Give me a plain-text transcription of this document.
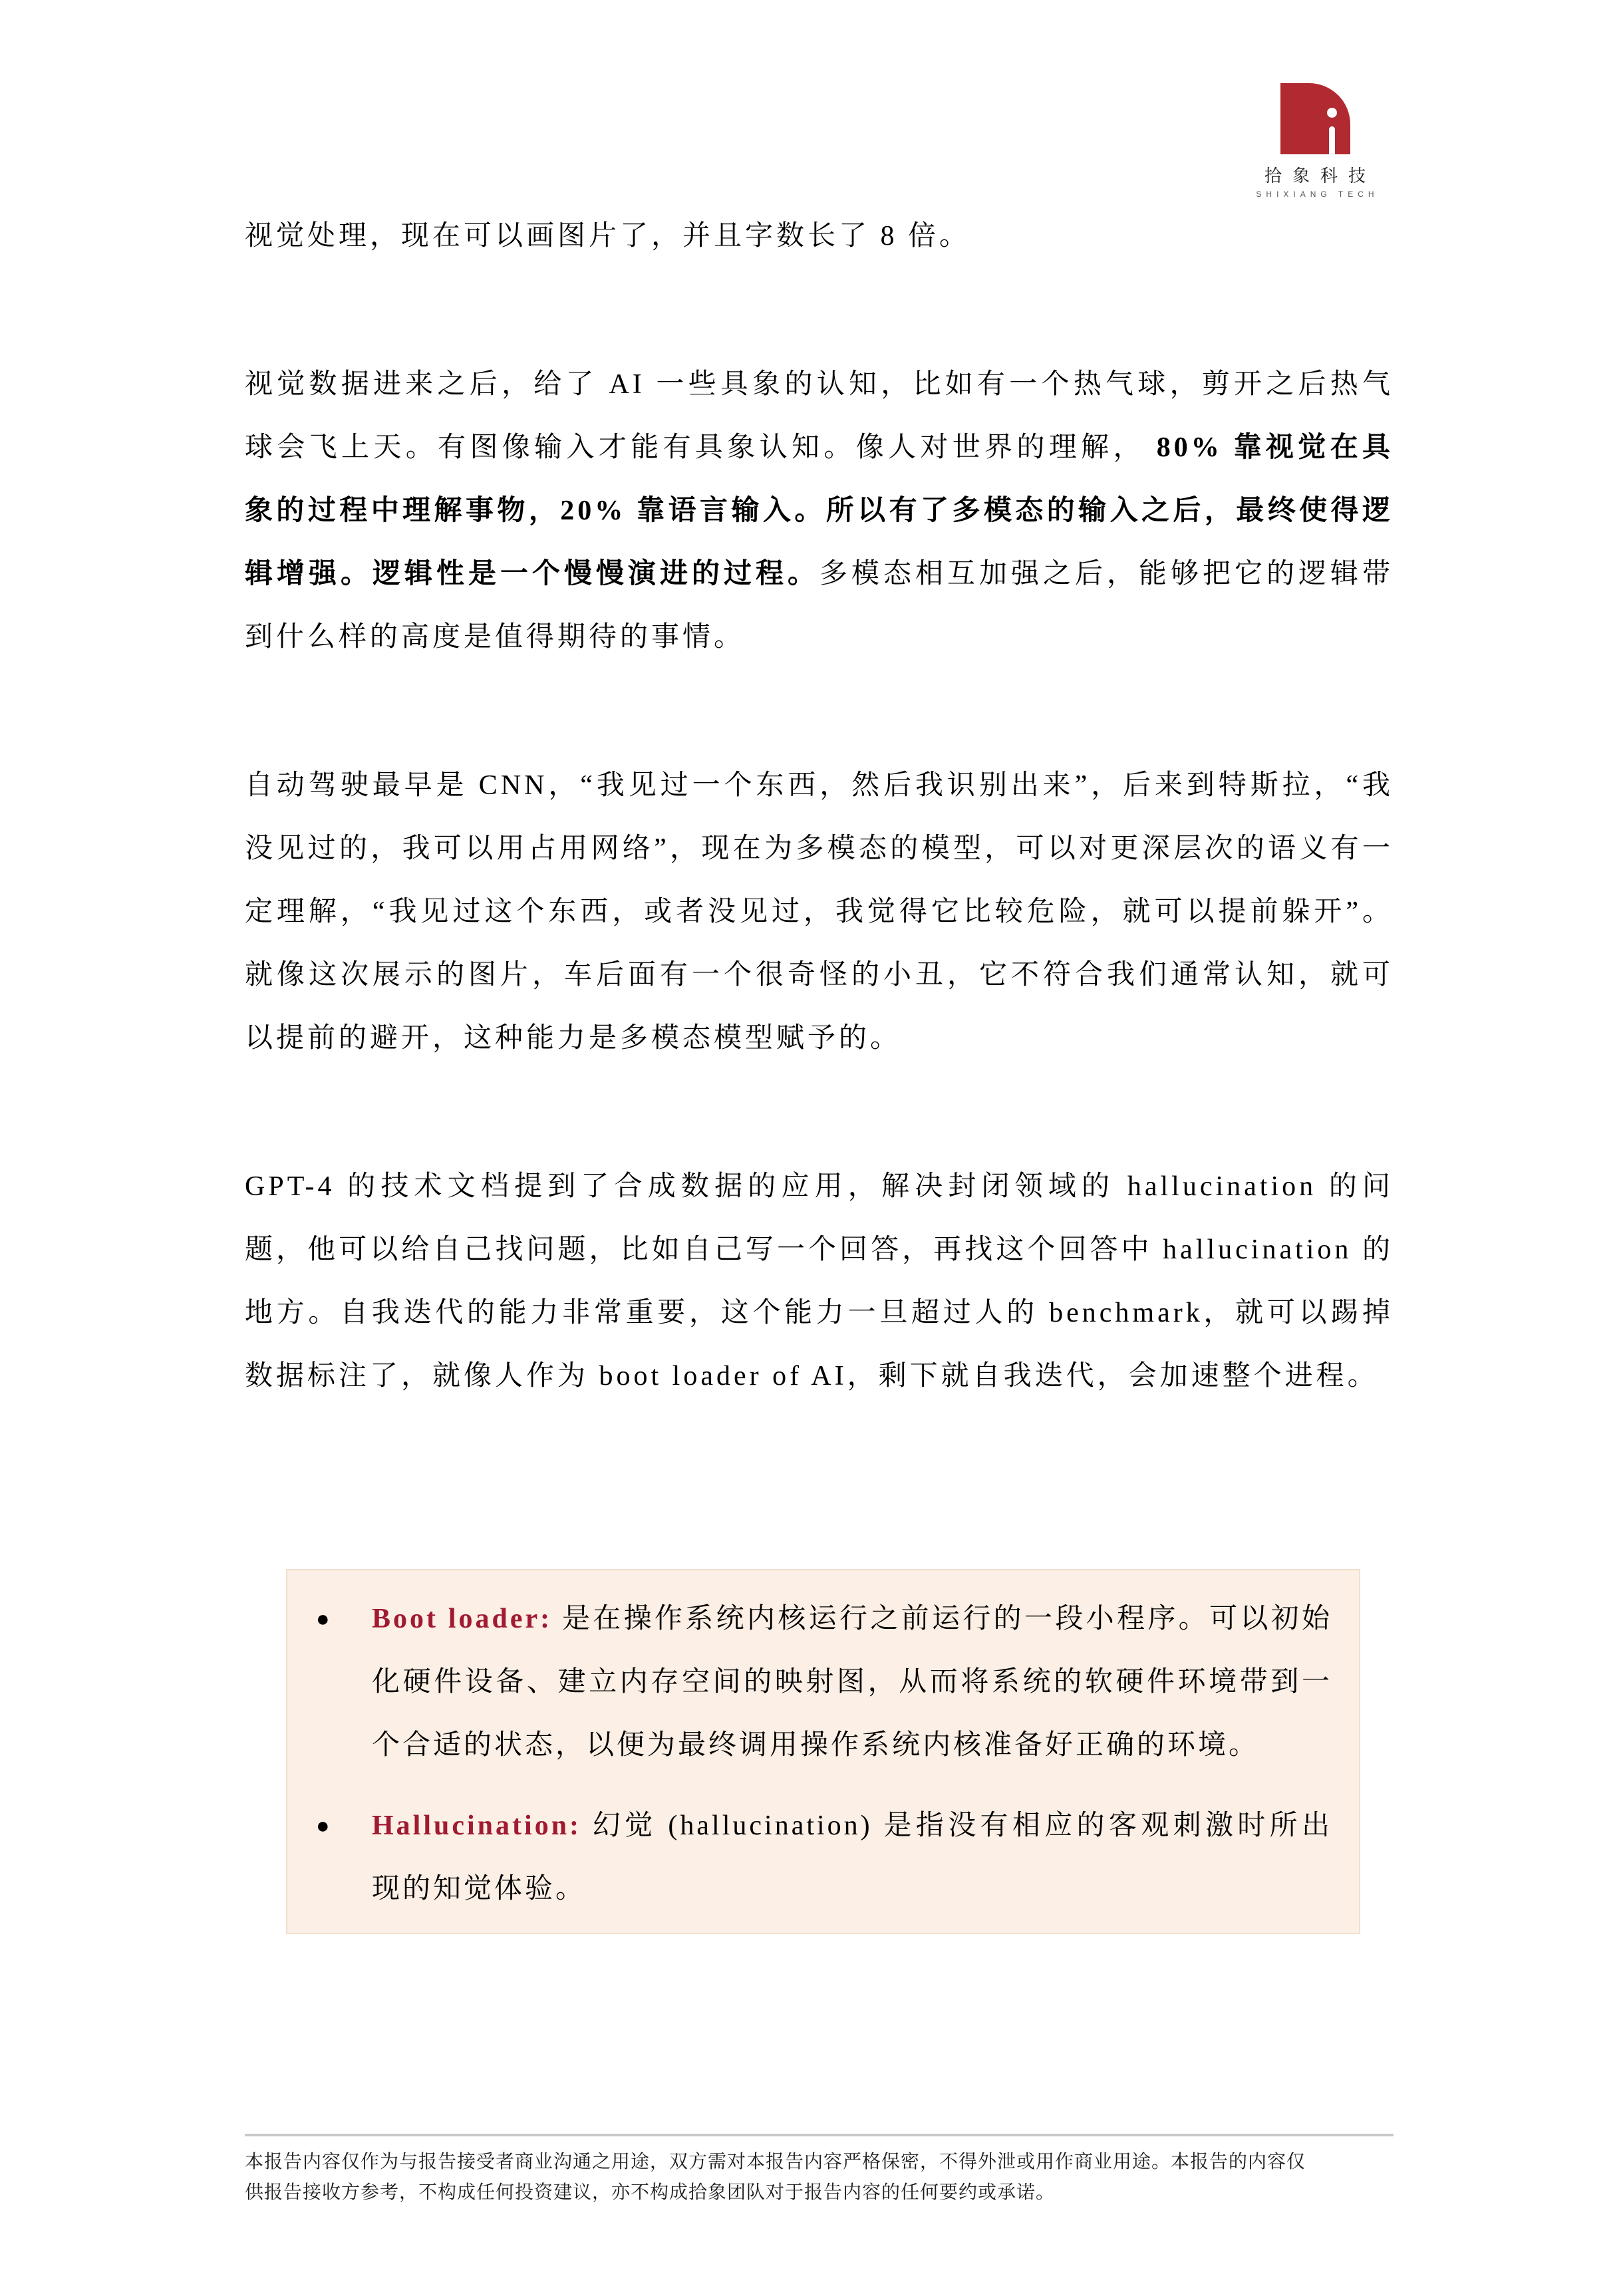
拾象科技
SHIXIANG TECH

视觉处理，现在可以画图片了，并且字数长了 8 倍。

视觉数据进来之后，给了 AI 一些具象的认知，比如有一个热气球，剪开之后热气球会飞上天。有图像输入才能有具象认知。像人对世界的理解， 80% 靠视觉在具象的过程中理解事物，20% 靠语言输入。所以有了多模态的输入之后，最终使得逻辑增强。逻辑性是一个慢慢演进的过程。多模态相互加强之后，能够把它的逻辑带到什么样的高度是值得期待的事情。

自动驾驶最早是 CNN，“我见过一个东西，然后我识别出来”，后来到特斯拉，“我没见过的，我可以用占用网络”，现在为多模态的模型，可以对更深层次的语义有一定理解，“我见过这个东西，或者没见过，我觉得它比较危险，就可以提前躲开”。就像这次展示的图片，车后面有一个很奇怪的小丑，它不符合我们通常认知，就可以提前的避开，这种能力是多模态模型赋予的。

GPT-4 的技术文档提到了合成数据的应用，解决封闭领域的 hallucination 的问题，他可以给自己找问题，比如自己写一个回答，再找这个回答中 hallucination 的地方。自我迭代的能力非常重要，这个能力一旦超过人的 benchmark，就可以踢掉数据标注了，就像人作为 boot loader of AI，剩下就自我迭代，会加速整个进程。

●	Boot loader: 是在操作系统内核运行之前运行的一段小程序。可以初始化硬件设备、建立内存空间的映射图，从而将系统的软硬件环境带到一个合适的状态，以便为最终调用操作系统内核准备好正确的环境。
●	Hallucination: 幻觉 (hallucination) 是指没有相应的客观刺激时所出现的知觉体验。
本报告内容仅作为与报告接受者商业沟通之用途，双方需对本报告内容严格保密，不得外泄或用作商业用途。本报告的内容仅
供报告接收方参考，不构成任何投资建议，亦不构成拾象团队对于报告内容的任何要约或承诺。
